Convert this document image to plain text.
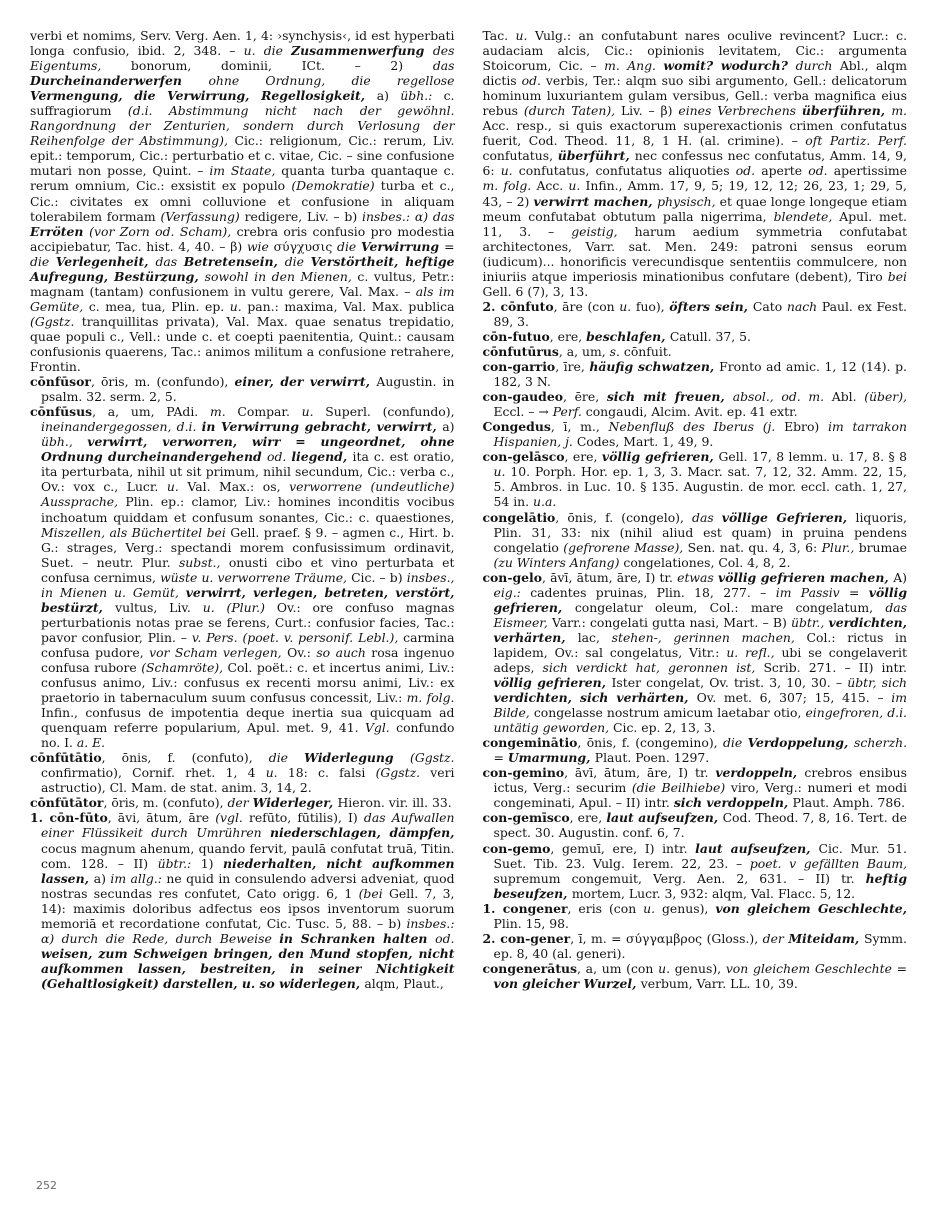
verbi et nomims, Serv. Verg. Aen. 1, 4: ›synchysis‹, id est hyperbati longa confusio, ibid. 2, 348. – u. die Zusammenwerfung des Eigentums, bonorum, dominii, ICt. – 2) das Durcheinanderwerfen ohne Ordnung, die regellose Vermengung, die Verwirrung, Regellosigkeit, a) übh.: c. suffragiorum (d.i. Abstimmung nicht nach der gewöhnl. Rangordnung der Zenturien, sondern durch Verlosung der Reihenfolge der Abstimmung), Cic.: religionum, Cic.: rerum, Liv. epit.: temporum, Cic.: perturbatio et c. vitae, Cic. – sine confusione mutari non posse, Quint. – im Staate, quanta turba quantaque c. rerum omnium, Cic.: exsistit ex populo (Demokratie) turba et c., Cic.: civitates ex omni colluvione et confusione in aliquam tolerabilem formam (Verfassung) redigere, Liv. – b) insbes.: α) das Erröten (vor Zorn od. Scham), crebra oris confusio pro modestia accipiebatur, Tac. hist. 4, 40. – β) wie σύγχυσις die Verwirrung = die Verlegenheit, das Betretensein, die Verstörtheit, heftige Aufregung, Bestürzung, sowohl in den Mienen, c. vultus, Petr.: magnam (tantam) confusionem in vultu gerere, Val. Max. – als im Gemüte, c. mea, tua, Plin. ep. u. pan.: maxima, Val. Max. publica (Ggstz. tranquillitas privata), Val. Max. quae senatus trepidatio, quae populi c., Vell.: unde c. et coepti paenitentia, Quint.: causam confusionis quaerens, Tac.: animos militum a confusione retrahere, Frontin.

cōnfūsor, ōris, m. (confundo), einer, der verwirrt, Augustin. in psalm. 32. serm. 2, 5.

cōnfūsus, a, um, PAdi. m. Compar. u. Superl. (confundo), ineinandergegossen, d.i. in Verwirrung gebracht, verwirrt, a) übh., verwirrt, verworren, wirr = ungeordnet, ohne Ordnung durcheinandergehend od. liegend, ita c. est oratio, ita perturbata, nihil ut sit primum, nihil secundum, Cic.: verba c., Ov.: vox c., Lucr. u. Val. Max.: os, verworrene (undeutliche) Aussprache, Plin. ep.: clamor, Liv.: homines inconditis vocibus inchoatum quiddam et confusum sonantes, Cic.: c. quaestiones, Miszellen, als Büchertitel bei Gell. praef. § 9. – agmen c., Hirt. b. G.: strages, Verg.: spectandi morem confusissimum ordinavit, Suet. – neutr. Plur. subst., onusti cibo et vino perturbata et confusa cernimus, wüste u. verworrene Träume, Cic. – b) insbes., in Mienen u. Gemüt, verwirrt, verlegen, betreten, verstört, bestürzt, vultus, Liv. u. (Plur.) Ov.: ore confuso magnas perturbationis notas prae se ferens, Curt.: confusior facies, Tac.: pavor confusior, Plin. – v. Pers. (poet. v. personif. Lebl.), carmina confusa pudore, vor Scham verlegen, Ov.: so auch rosa ingenuo confusa rubore (Schamröte), Col. poët.: c. et incertus animi, Liv.: confusus animo, Liv.: confusus ex recenti morsu animi, Liv.: ex praetorio in tabernaculum suum confusus concessit, Liv.: m. folg. Infin., confusus de impotentia deque inertia sua quicquam ad quenquam referre popularium, Apul. met. 9, 41. Vgl. confundo no. I. a. E.

cōnfūtātio, ōnis, f. (confuto), die Widerlegung (Ggstz. confirmatio), Cornif. rhet. 1, 4 u. 18: c. falsi (Ggstz. veri astructio), Cl. Mam. de stat. anim. 3, 14, 2.

cōnfūtātor, ōris, m. (confuto), der Widerleger, Hieron. vir. ill. 33.

1. cōn-fūto, āvi, ātum, āre (vgl. refūto, fūtilis), I) das Aufwallen einer Flüssikeit durch Umrühren niederschlagen, dämpfen, cocus magnum ahenum, quando fervit, paulā confutat truā, Titin. com. 128. – II) übtr.: 1) niederhalten, nicht aufkommen lassen, a) im allg.: ne quid in consulendo adversi adveniat, quod nostras secundas res confutet, Cato origg. 6, 1 (bei Gell. 7, 3, 14): maximis doloribus adfectus eos ipsos inventorum suorum memoriā et recordatione confutat, Cic. Tusc. 5, 88. – b) insbes.: α) durch die Rede, durch Beweise in Schranken halten od. weisen, zum Schweigen bringen, den Mund stopfen, nicht aufkommen lassen, bestreiten, in seiner Nichtigkeit (Gehaltlosigkeit) darstellen, u. so widerlegen, alqm, Plaut.,

Tac. u. Vulg.: an confutabunt nares oculive revincent? Lucr.: c. audaciam alcis, Cic.: opinionis levitatem, Cic.: argumenta Stoicorum, Cic. – m. Ang. womit? wodurch? durch Abl., alqm dictis od. verbis, Ter.: alqm suo sibi argumento, Gell.: delicatorum hominum luxuriantem gulam versibus, Gell.: verba magnifica eius rebus (durch Taten), Liv. – β) eines Verbrechens überführen, m. Acc. resp., si quis exactorum superexactionis crimen confutatus fuerit, Cod. Theod. 11, 8, 1 H. (al. crimine). – oft Partiz. Perf. confutatus, überführt, nec confessus nec confutatus, Amm. 14, 9, 6: u. confutatus, confutatus aliquoties od. aperte od. apertissime m. folg. Acc. u. Infin., Amm. 17, 9, 5; 19, 12, 12; 26, 23, 1; 29, 5, 43, – 2) verwirrt machen, physisch, et quae longe longeque etiam meum confutabat obtutum palla nigerrima, blendete, Apul. met. 11, 3. – geistig, harum aedium symmetria confutabat architectones, Varr. sat. Men. 249: patroni sensus eorum (iudicum)... honorificis verecundisque sententiis commulcere, non iniuriis atque imperiosis minationibus confutare (debent), Tiro bei Gell. 6 (7), 3, 13.

2. cōnfuto, āre (con u. fuo), öfters sein, Cato nach Paul. ex Fest. 89, 3.

cōn-futuo, ere, beschlafen, Catull. 37, 5.

cōnfutūrus, a, um, s. cōnfuit.

con-garrio, īre, häufig schwatzen, Fronto ad amic. 1, 12 (14). p. 182, 3 N.

con-gaudeo, ēre, sich mit freuen, absol., od. m. Abl. (über), Eccl. – → Perf. congaudi, Alcim. Avit. ep. 41 extr.

Congedus, ī, m., Nebenfluß des Iberus (j. Ebro) im tarrakon Hispanien, j. Codes, Mart. 1, 49, 9.

con-gelāsco, ere, völlig gefrieren, Gell. 17, 8 lemm. u. 17, 8. § 8 u. 10. Porph. Hor. ep. 1, 3, 3. Macr. sat. 7, 12, 32. Amm. 22, 15, 5. Ambros. in Luc. 10. § 135. Augustin. de mor. eccl. cath. 1, 27, 54 in. u.a.

congelātio, ōnis, f. (congelo), das völlige Gefrieren, liquoris, Plin. 31, 33: nix (nihil aliud est quam) in pruina pendens congelatio (gefrorene Masse), Sen. nat. qu. 4, 3, 6: Plur., brumae (zu Winters Anfang) congelationes, Col. 4, 8, 2.

con-gelo, āvī, ātum, āre, I) tr. etwas völlig gefrieren machen, A) eig.: cadentes pruinas, Plin. 18, 277. – im Passiv = völlig gefrieren, congelatur oleum, Col.: mare congelatum, das Eismeer, Varr.: congelati gutta nasi, Mart. – B) übtr., verdichten, verhärten, lac, stehen-, gerinnen machen, Col.: rictus in lapidem, Ov.: sal congelatus, Vitr.: u. refl., ubi se congelaverit adeps, sich verdickt hat, geronnen ist, Scrib. 271. – II) intr. völlig gefrieren, Ister congelat, Ov. trist. 3, 10, 30. – übtr, sich verdichten, sich verhärten, Ov. met. 6, 307; 15, 415. – im Bilde, congelasse nostrum amicum laetabar otio, eingefroren, d.i. untätig geworden, Cic. ep. 2, 13, 3.

congeminātio, ōnis, f. (congemino), die Verdoppelung, scherzh. = Umarmung, Plaut. Poen. 1297.

con-gemino, āvī, ātum, āre, I) tr. verdoppeln, crebros ensibus ictus, Verg.: securim (die Beilhiebe) viro, Verg.: numeri et modi congeminati, Apul. – II) intr. sich verdoppeln, Plaut. Amph. 786.

con-gemīsco, ere, laut aufseufzen, Cod. Theod. 7, 8, 16. Tert. de spect. 30. Augustin. conf. 6, 7.

con-gemo, gemuī, ere, I) intr. laut aufseufzen, Cic. Mur. 51. Suet. Tib. 23. Vulg. Ierem. 22, 23. – poet. v gefällten Baum, supremum congemuit, Verg. Aen. 2, 631. – II) tr. heftig beseufzen, mortem, Lucr. 3, 932: alqm, Val. Flacc. 5, 12.

1. congener, eris (con u. genus), von gleichem Geschlechte, Plin. 15, 98.

2. con-gener, ī, m. = σύγγαμβρος (Gloss.), der Miteidam, Symm. ep. 8, 40 (al. generi).

congenerātus, a, um (con u. genus), von gleichem Geschlechte = von gleicher Wurzel, verbum, Varr. LL. 10, 39.

252
